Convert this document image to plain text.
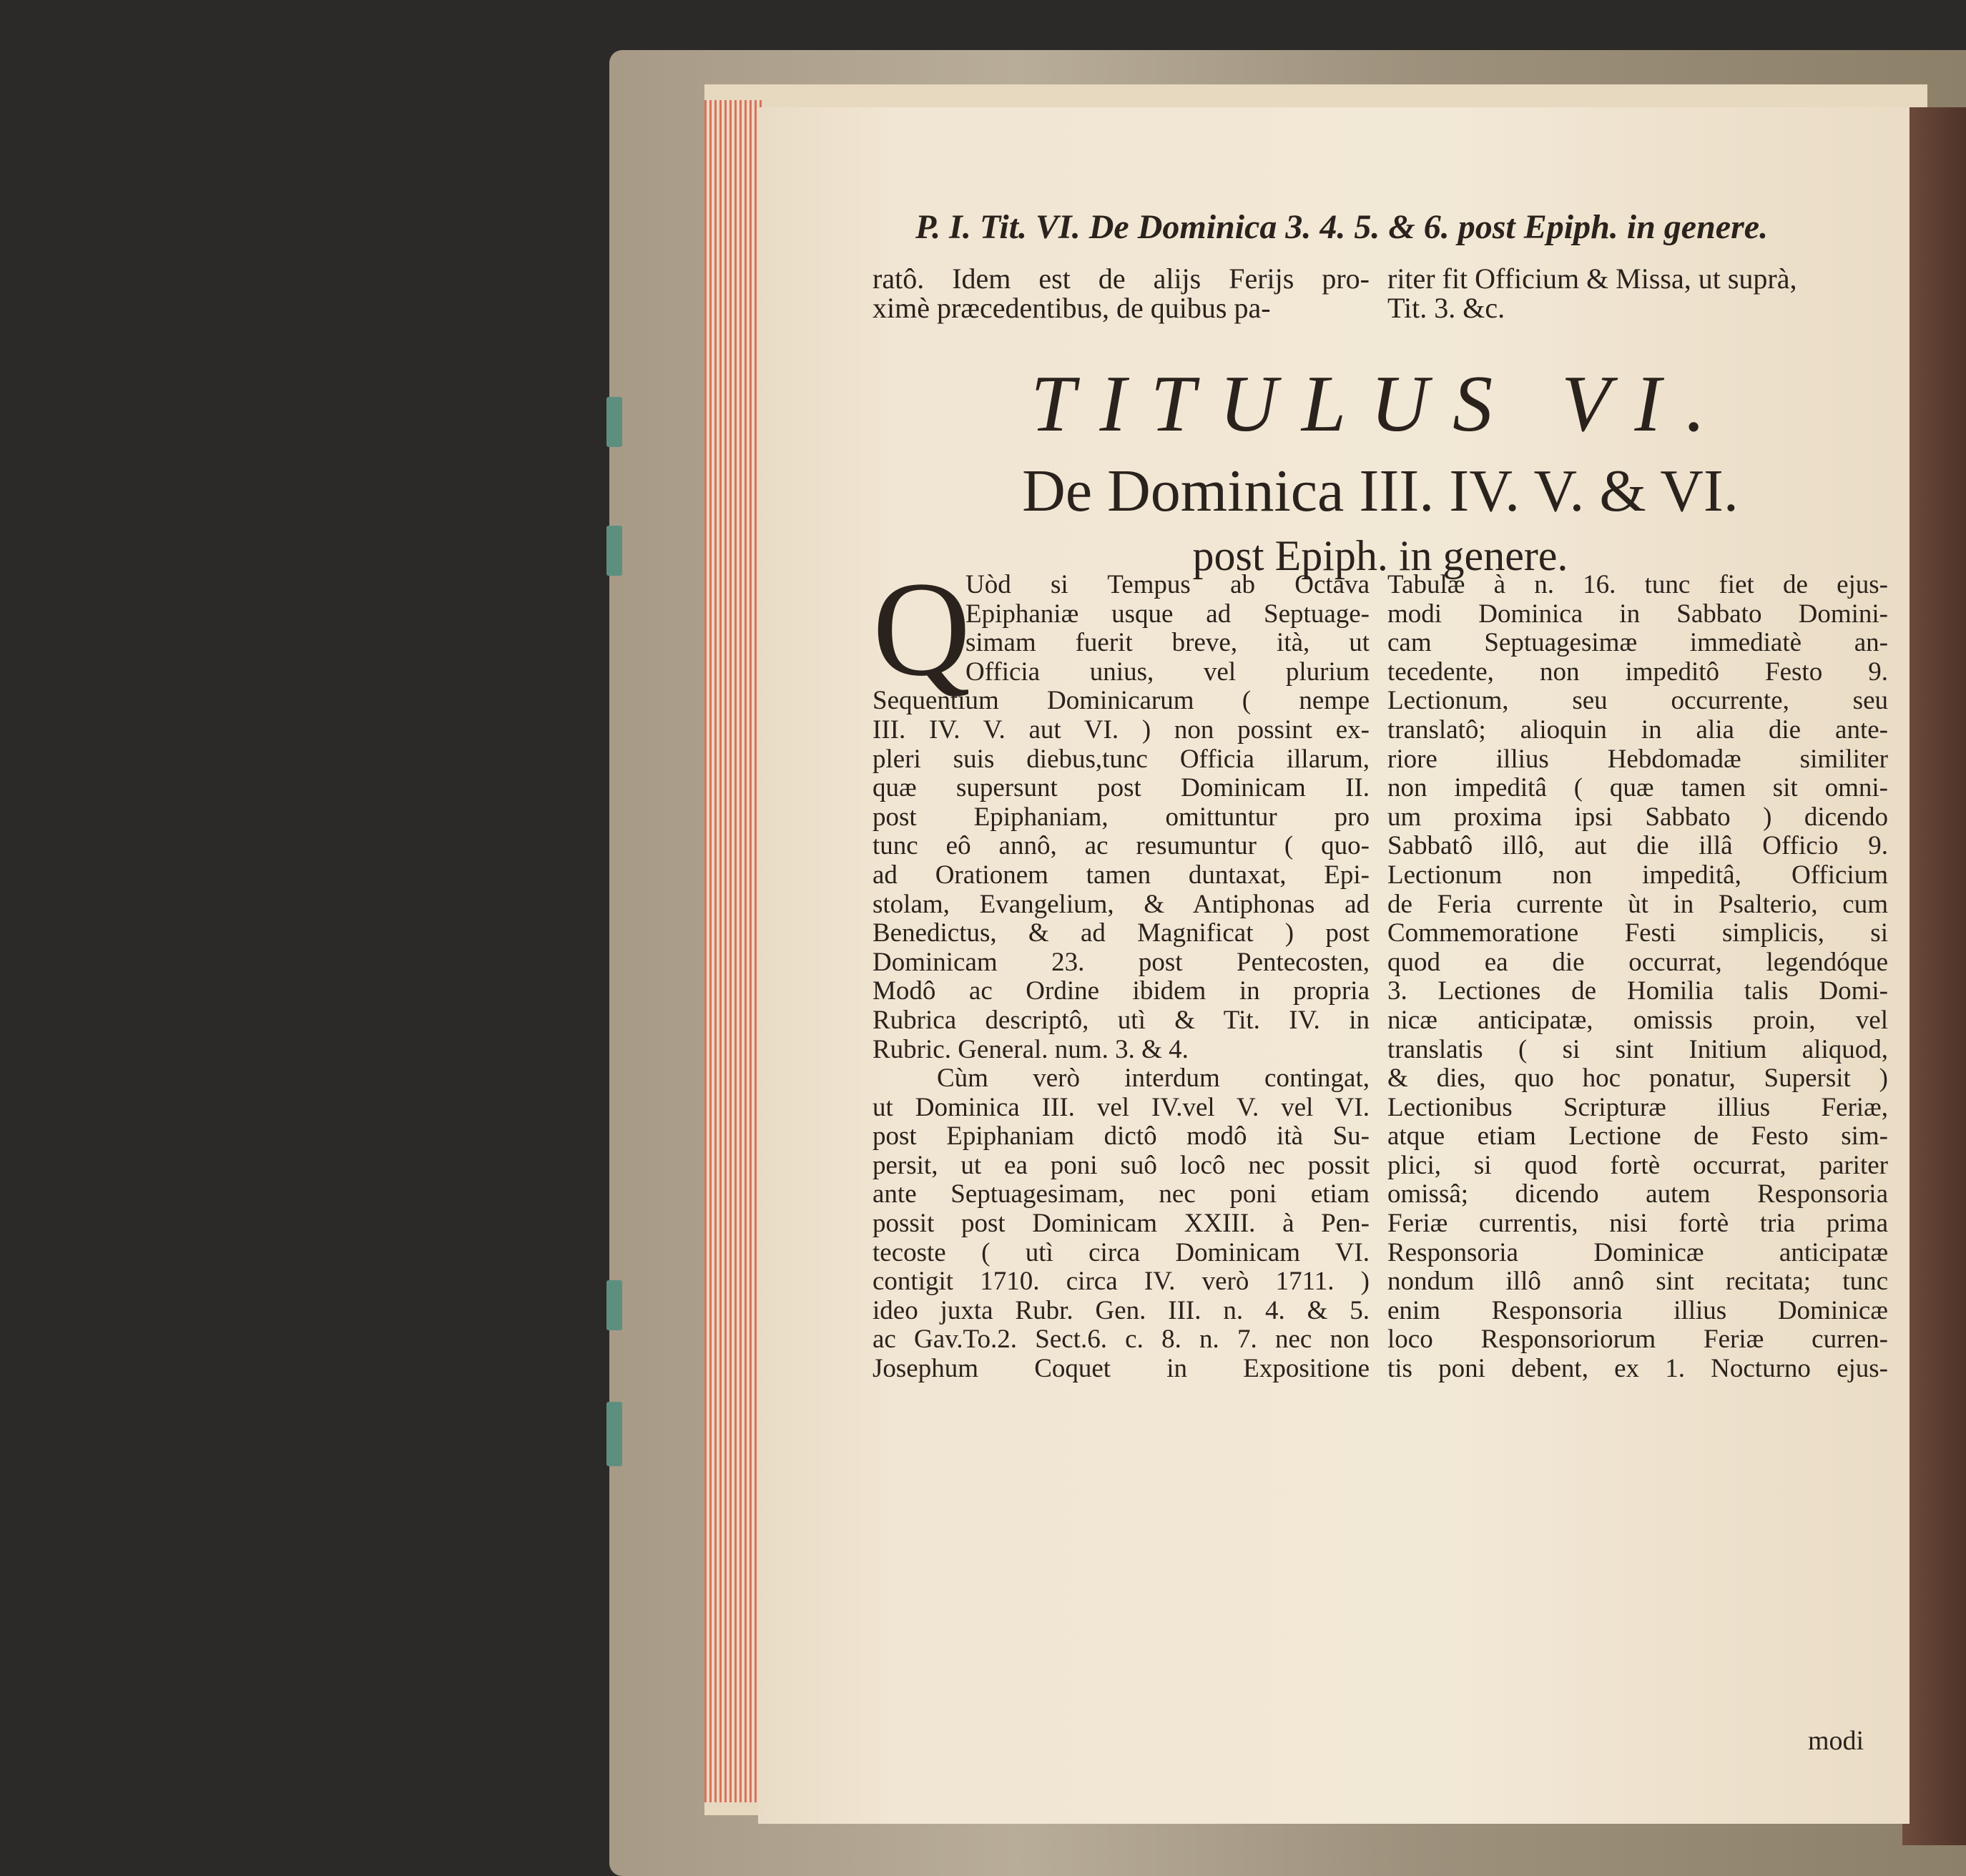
P. I. Tit. VI. De Dominica 3. 4. 5. & 6. post Epiph. in genere.
ratô. Idem est de alijs Ferijs pro-
ximè præcedentibus, de quibus pa-
riter fit Officium & Missa, ut suprà,
Tit. 3. &c.
TITULUS VI.
De Dominica III. IV. V. & VI.
post Epiph. in genere.
Q
Uòd si Tempus ab Octava
Epiphaniæ usque ad Septuage-
simam fuerit breve, ità, ut
Officia unius, vel plurium
Sequentium Dominicarum ( nempe
III. IV. V. aut VI. ) non possint ex-
pleri suis diebus,tunc Officia illarum,
quæ supersunt post Dominicam II.
post Epiphaniam, omittuntur pro
tunc eô annô, ac resumuntur ( quo-
ad Orationem tamen duntaxat, Epi-
stolam, Evangelium, & Antiphonas ad
Benedictus, & ad Magnificat ) post
Dominicam 23. post Pentecosten,
Modô ac Ordine ibidem in propria
Rubrica descriptô, utì & Tit. IV. in
Rubric. General. num. 3. & 4.
Cùm verò interdum contingat,
ut Dominica III. vel IV.vel V. vel VI.
post Epiphaniam dictô modô ità Su-
persit, ut ea poni suô locô nec possit
ante Septuagesimam, nec poni etiam
possit post Dominicam XXIII. à Pen-
tecoste ( utì circa Dominicam VI.
contigit 1710. circa IV. verò 1711. )
ideo juxta Rubr. Gen. III. n. 4. & 5.
ac Gav.To.2. Sect.6. c. 8. n. 7. nec non
Josephum Coquet in Expositione
Tabulæ à n. 16. tunc fiet de ejus-
modi Dominica in Sabbato Domini-
cam Septuagesimæ immediatè an-
tecedente, non impeditô Festo 9.
Lectionum, seu occurrente, seu
translatô; alioquin in alia die ante-
riore illius Hebdomadæ similiter
non impeditâ ( quæ tamen sit omni-
um proxima ipsi Sabbato ) dicendo
Sabbatô illô, aut die illâ Officio 9.
Lectionum non impeditâ, Officium
de Feria currente ùt in Psalterio, cum
Commemoratione Festi simplicis, si
quod ea die occurrat, legendóque
3. Lectiones de Homilia talis Domi-
nicæ anticipatæ, omissis proin, vel
translatis ( si sint Initium aliquod,
& dies, quo hoc ponatur, Supersit )
Lectionibus Scripturæ illius Feriæ,
atque etiam Lectione de Festo sim-
plici, si quod fortè occurrat, pariter
omissâ; dicendo autem Responsoria
Feriæ currentis, nisi fortè tria prima
Responsoria Dominicæ anticipatæ
nondum illô annô sint recitata; tunc
enim Responsoria illius Dominicæ
loco Responsoriorum Feriæ curren-
tis poni debent, ex 1. Nocturno ejus-
modi
